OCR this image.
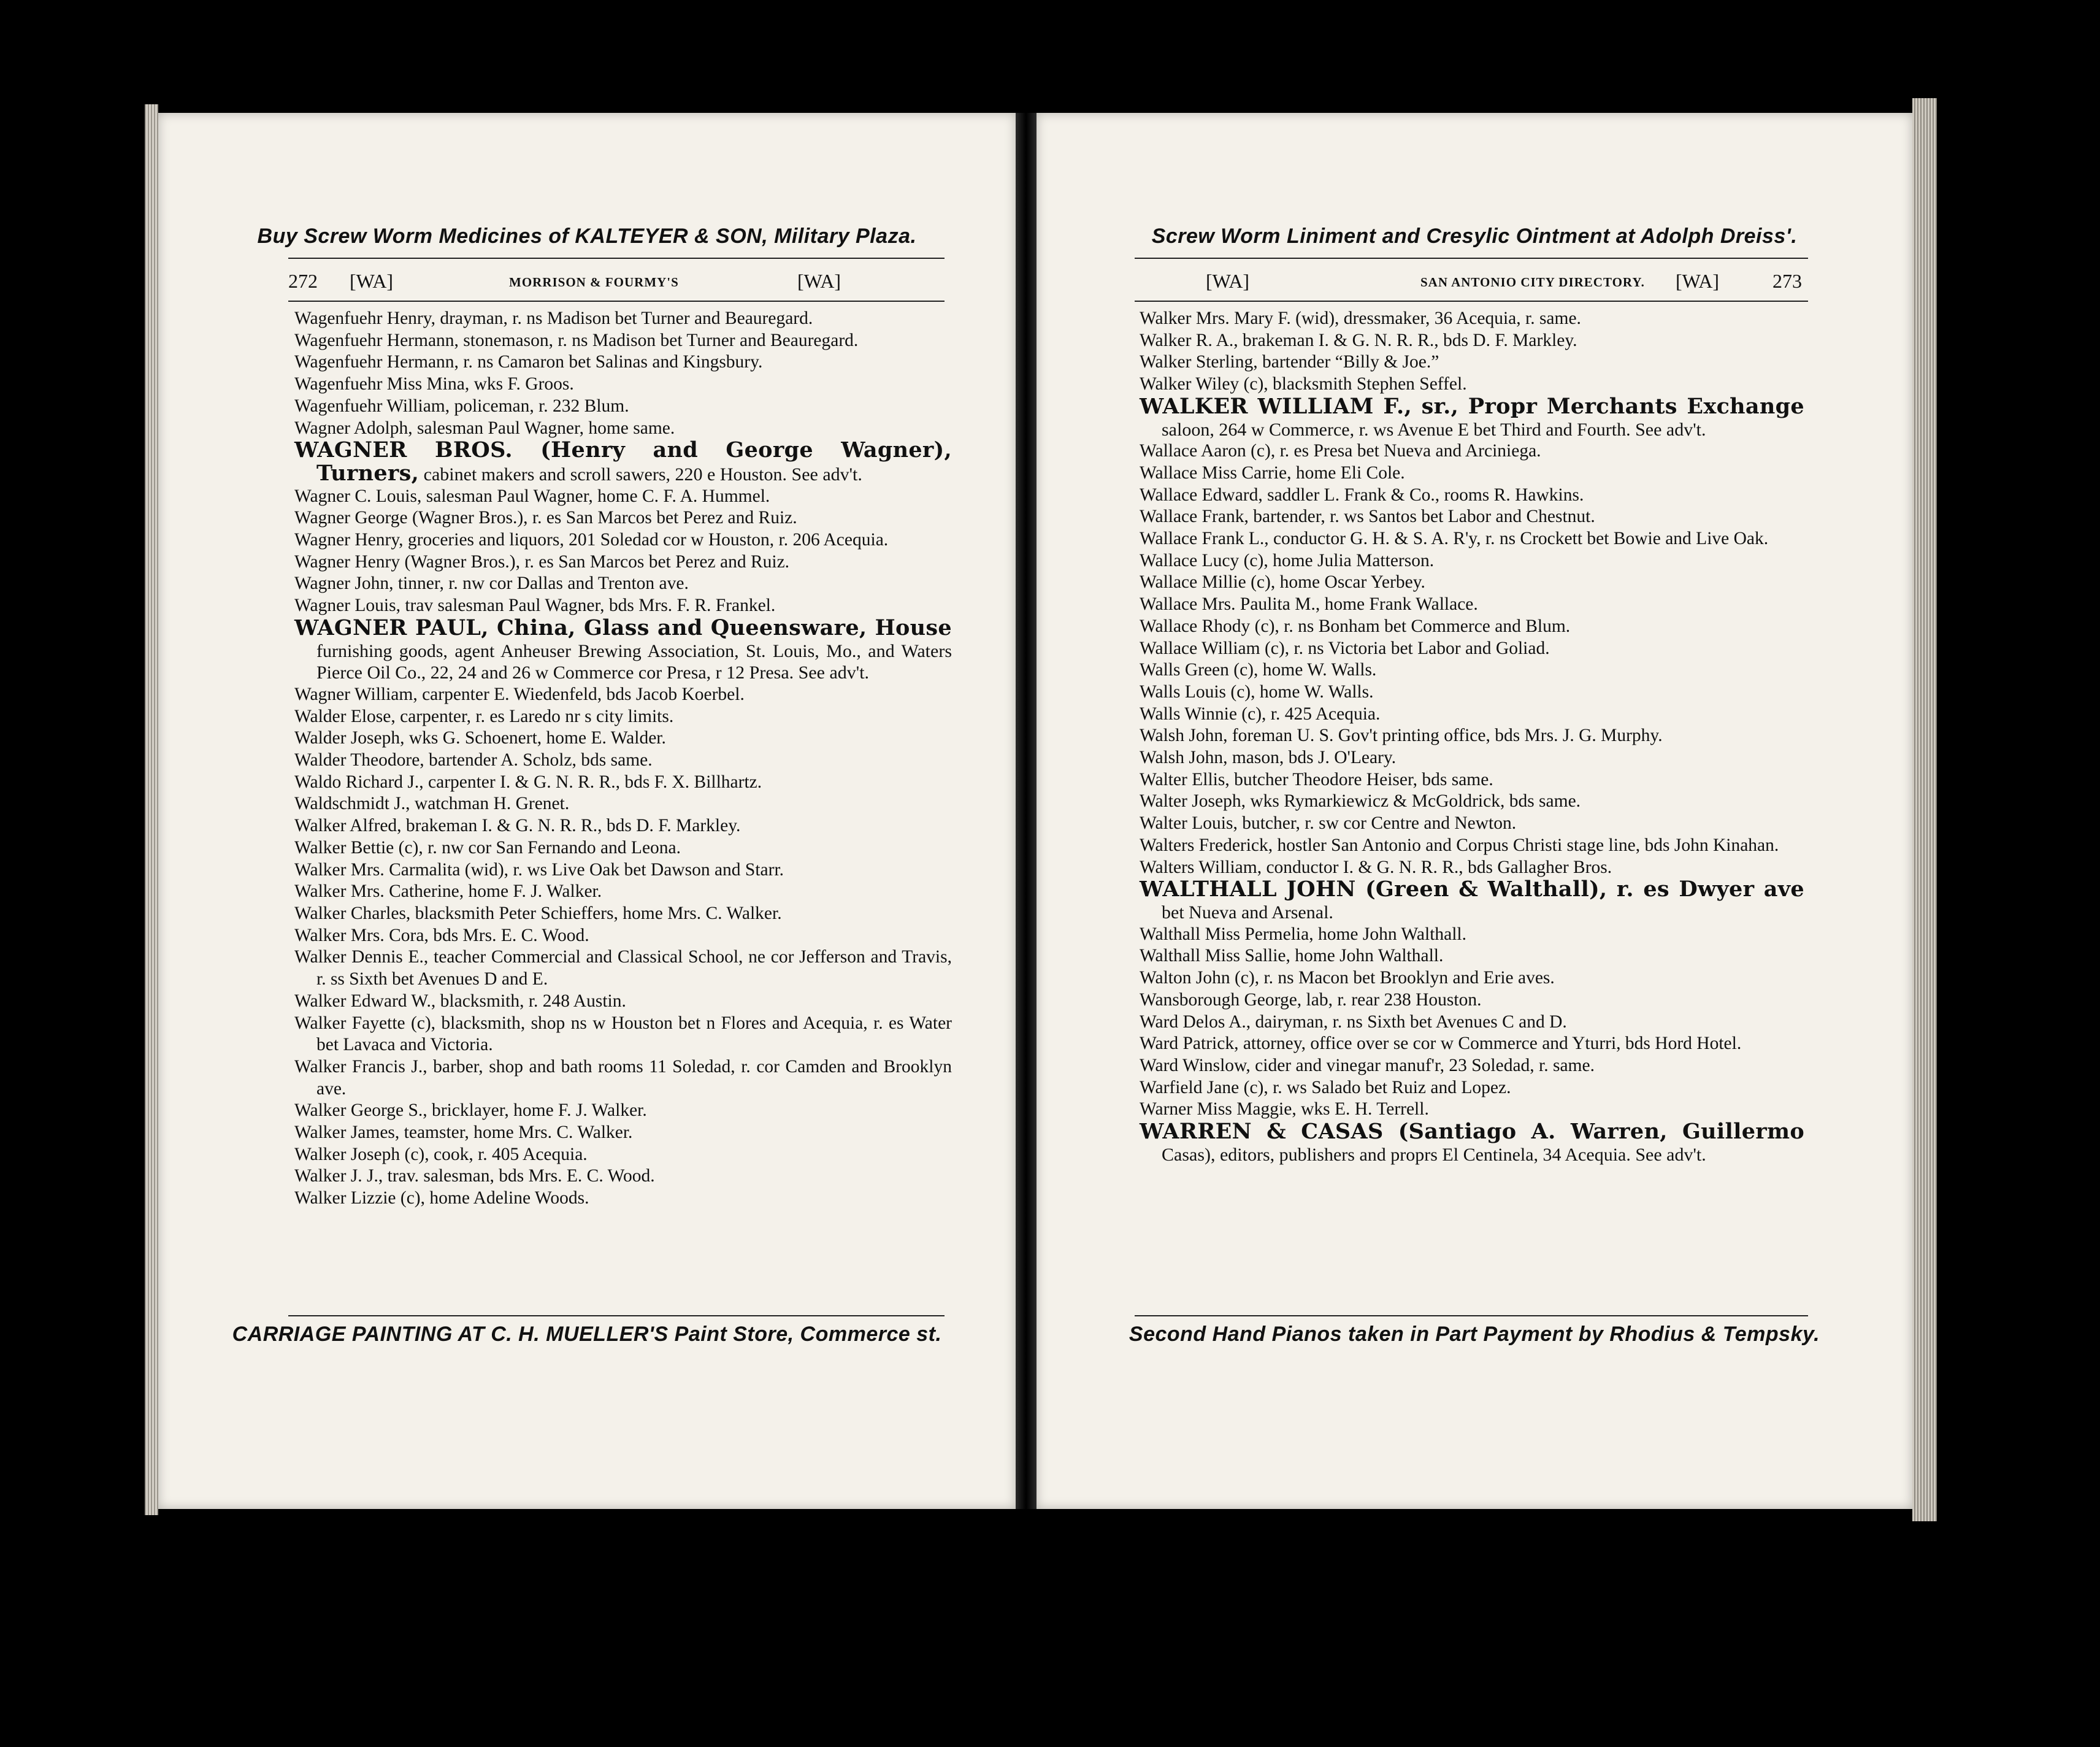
Buy Screw Worm Medicines of KALTEYER & SON, Military Plaza.
272 [WA]	MORRISON & FOURMY'S	[WA]
Wagenfuehr Henry, drayman, r. ns Madison bet Turner and Beauregard.
Wagenfuehr Hermann, stonemason, r. ns Madison bet Turner and Beauregard.
Wagenfuehr Hermann, r. ns Camaron bet Salinas and Kingsbury.
Wagenfuehr Miss Mina, wks F. Groos.
Wagenfuehr William, policeman, r. 232 Blum.
Wagner Adolph, salesman Paul Wagner, home same.
WAGNER BROS. (Henry and George Wagner), Turners, cabinet makers and scroll sawers, 220 e Houston. See adv't.
Wagner C. Louis, salesman Paul Wagner, home C. F. A. Hummel.
Wagner George (Wagner Bros.), r. es San Marcos bet Perez and Ruiz.
Wagner Henry, groceries and liquors, 201 Soledad cor w Houston, r. 206 Acequia.
Wagner Henry (Wagner Bros.), r. es San Marcos bet Perez and Ruiz.
Wagner John, tinner, r. nw cor Dallas and Trenton ave.
Wagner Louis, trav salesman Paul Wagner, bds Mrs. F. R. Frankel.
WAGNER PAUL, China, Glass and Queensware, House furnishing goods, agent Anheuser Brewing Association, St. Louis, Mo., and Waters Pierce Oil Co., 22, 24 and 26 w Commerce cor Presa, r 12 Presa. See adv't.
Wagner William, carpenter E. Wiedenfeld, bds Jacob Koerbel.
Walder Elose, carpenter, r. es Laredo nr s city limits.
Walder Joseph, wks G. Schoenert, home E. Walder.
Walder Theodore, bartender A. Scholz, bds same.
Waldo Richard J., carpenter I. & G. N. R. R., bds F. X. Billhartz.
Waldschmidt J., watchman H. Grenet.
Walker Alfred, brakeman I. & G. N. R. R., bds D. F. Markley.
Walker Bettie (c), r. nw cor San Fernando and Leona.
Walker Mrs. Carmalita (wid), r. ws Live Oak bet Dawson and Starr.
Walker Mrs. Catherine, home F. J. Walker.
Walker Charles, blacksmith Peter Schieffers, home Mrs. C. Walker.
Walker Mrs. Cora, bds Mrs. E. C. Wood.
Walker Dennis E., teacher Commercial and Classical School, ne cor Jefferson and Travis, r. ss Sixth bet Avenues D and E.
Walker Edward W., blacksmith, r. 248 Austin.
Walker Fayette (c), blacksmith, shop ns w Houston bet n Flores and Acequia, r. es Water bet Lavaca and Victoria.
Walker Francis J., barber, shop and bath rooms 11 Soledad, r. cor Camden and Brooklyn ave.
Walker George S., bricklayer, home F. J. Walker.
Walker James, teamster, home Mrs. C. Walker.
Walker Joseph (c), cook, r. 405 Acequia.
Walker J. J., trav. salesman, bds Mrs. E. C. Wood.
Walker Lizzie (c), home Adeline Woods.
CARRIAGE PAINTING AT C. H. MUELLER'S Paint Store, Commerce st.
Screw Worm Liniment and Cresylic Ointment at Adolph Dreiss'.
[WA]	SAN ANTONIO CITY DIRECTORY. [WA]	273
Walker Mrs. Mary F. (wid), dressmaker, 36 Acequia, r. same.
Walker R. A., brakeman I. & G. N. R. R., bds D. F. Markley.
Walker Sterling, bartender “Billy & Joe.”
Walker Wiley (c), blacksmith Stephen Seffel.
WALKER WILLIAM F., sr., Propr Merchants Exchange saloon, 264 w Commerce, r. ws Avenue E bet Third and Fourth. See adv't.
Wallace Aaron (c), r. es Presa bet Nueva and Arciniega.
Wallace Miss Carrie, home Eli Cole.
Wallace Edward, saddler L. Frank & Co., rooms R. Hawkins.
Wallace Frank, bartender, r. ws Santos bet Labor and Chestnut.
Wallace Frank L., conductor G. H. & S. A. R'y, r. ns Crockett bet Bowie and Live Oak.
Wallace Lucy (c), home Julia Matterson.
Wallace Millie (c), home Oscar Yerbey.
Wallace Mrs. Paulita M., home Frank Wallace.
Wallace Rhody (c), r. ns Bonham bet Commerce and Blum.
Wallace William (c), r. ns Victoria bet Labor and Goliad.
Walls Green (c), home W. Walls.
Walls Louis (c), home W. Walls.
Walls Winnie (c), r. 425 Acequia.
Walsh John, foreman U. S. Gov't printing office, bds Mrs. J. G. Murphy.
Walsh John, mason, bds J. O'Leary.
Walter Ellis, butcher Theodore Heiser, bds same.
Walter Joseph, wks Rymarkiewicz & McGoldrick, bds same.
Walter Louis, butcher, r. sw cor Centre and Newton.
Walters Frederick, hostler San Antonio and Corpus Christi stage line, bds John Kinahan.
Walters William, conductor I. & G. N. R. R., bds Gallagher Bros.
WALTHALL JOHN (Green & Walthall), r. es Dwyer ave bet Nueva and Arsenal.
Walthall Miss Permelia, home John Walthall.
Walthall Miss Sallie, home John Walthall.
Walton John (c), r. ns Macon bet Brooklyn and Erie aves.
Wansborough George, lab, r. rear 238 Houston.
Ward Delos A., dairyman, r. ns Sixth bet Avenues C and D.
Ward Patrick, attorney, office over se cor w Commerce and Yturri, bds Hord Hotel.
Ward Winslow, cider and vinegar manuf'r, 23 Soledad, r. same.
Warfield Jane (c), r. ws Salado bet Ruiz and Lopez.
Warner Miss Maggie, wks E. H. Terrell.
WARREN & CASAS (Santiago A. Warren, Guillermo Casas), editors, publishers and proprs El Centinela, 34 Acequia. See adv't.
Second Hand Pianos taken in Part Payment by Rhodius & Tempsky.
